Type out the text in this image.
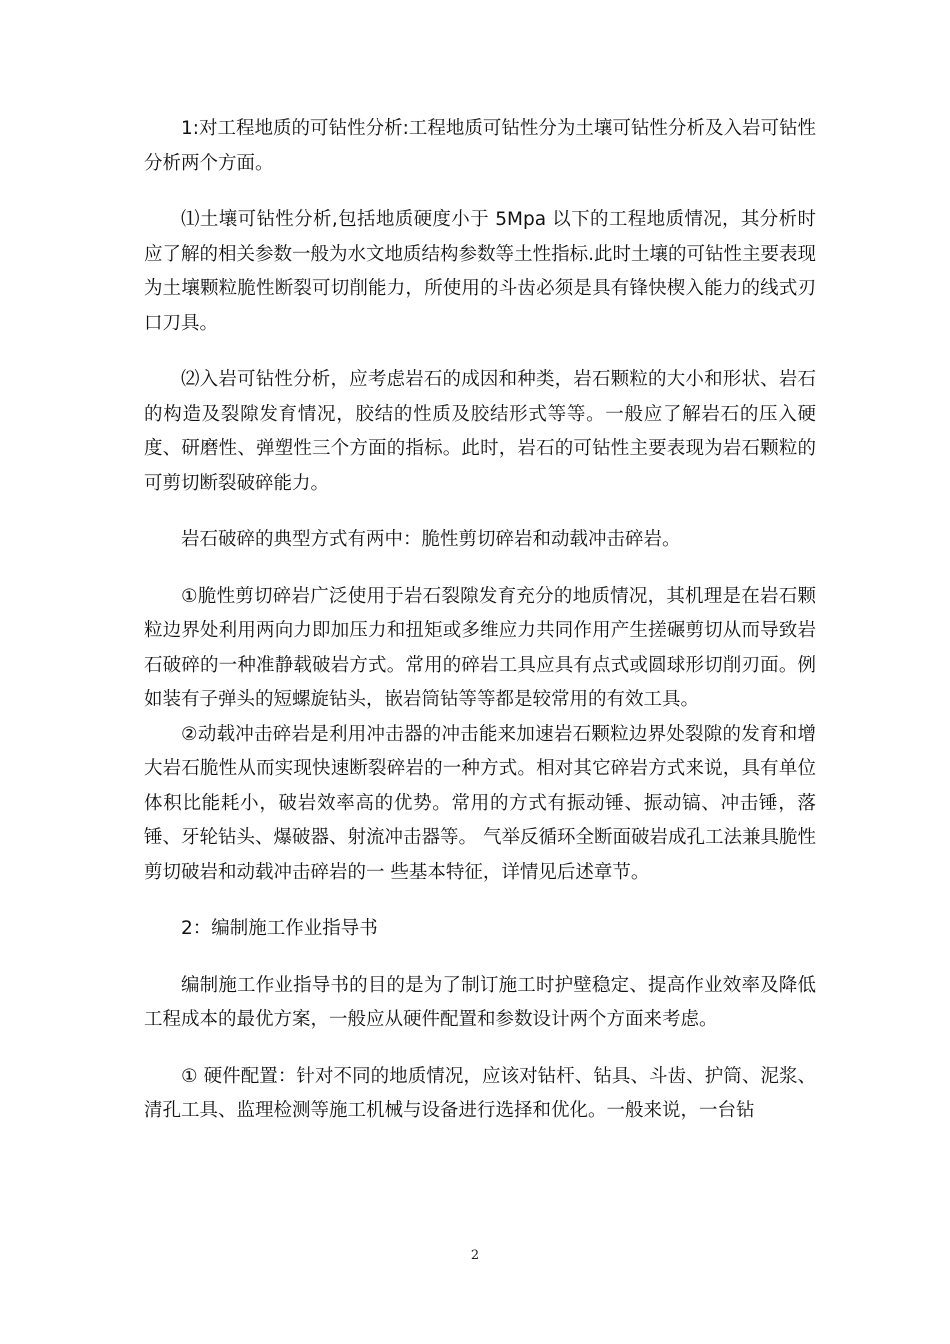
1:对工程地质的可钻性分析:工程地质可钻性分为土壤可钻性分析及入岩可钻性分析两个方面。

⑴土壤可钻性分析,包括地质硬度小于 5Mpa 以下的工程地质情况，其分析时应了解的相关参数一般为水文地质结构参数等土性指标.此时土壤的可钻性主要表现为土壤颗粒脆性断裂可切削能力，所使用的斗齿必须是具有锋快楔入能力的线式刃口刀具。

⑵入岩可钻性分析，应考虑岩石的成因和种类，岩石颗粒的大小和形状、岩石的构造及裂隙发育情况，胶结的性质及胶结形式等等。一般应了解岩石的压入硬度、研磨性、弹塑性三个方面的指标。此时，岩石的可钻性主要表现为岩石颗粒的可剪切断裂破碎能力。

岩石破碎的典型方式有两中：脆性剪切碎岩和动载冲击碎岩。

①脆性剪切碎岩广泛使用于岩石裂隙发育充分的地质情况，其机理是在岩石颗粒边界处利用两向力即加压力和扭矩或多维应力共同作用产生搓碾剪切从而导致岩石破碎的一种准静载破岩方式。常用的碎岩工具应具有点式或圆球形切削刃面。例如装有子弹头的短螺旋钻头，嵌岩筒钻等等都是较常用的有效工具。

②动载冲击碎岩是利用冲击器的冲击能来加速岩石颗粒边界处裂隙的发育和增大岩石脆性从而实现快速断裂碎岩的一种方式。相对其它碎岩方式来说，具有单位体积比能耗小，破岩效率高的优势。常用的方式有振动锤、振动镐、冲击锤，落锤、牙轮钻头、爆破器、射流冲击器等。 气举反循环全断面破岩成孔工法兼具脆性剪切破岩和动载冲击碎岩的一 些基本特征，详情见后述章节。

2：编制施工作业指导书

编制施工作业指导书的目的是为了制订施工时护壁稳定、提高作业效率及降低工程成本的最优方案，一般应从硬件配置和参数设计两个方面来考虑。

① 硬件配置：针对不同的地质情况，应该对钻杆、钻具、斗齿、护筒、泥浆、清孔工具、监理检测等施工机械与设备进行选择和优化。一般来说，一台钻

2
